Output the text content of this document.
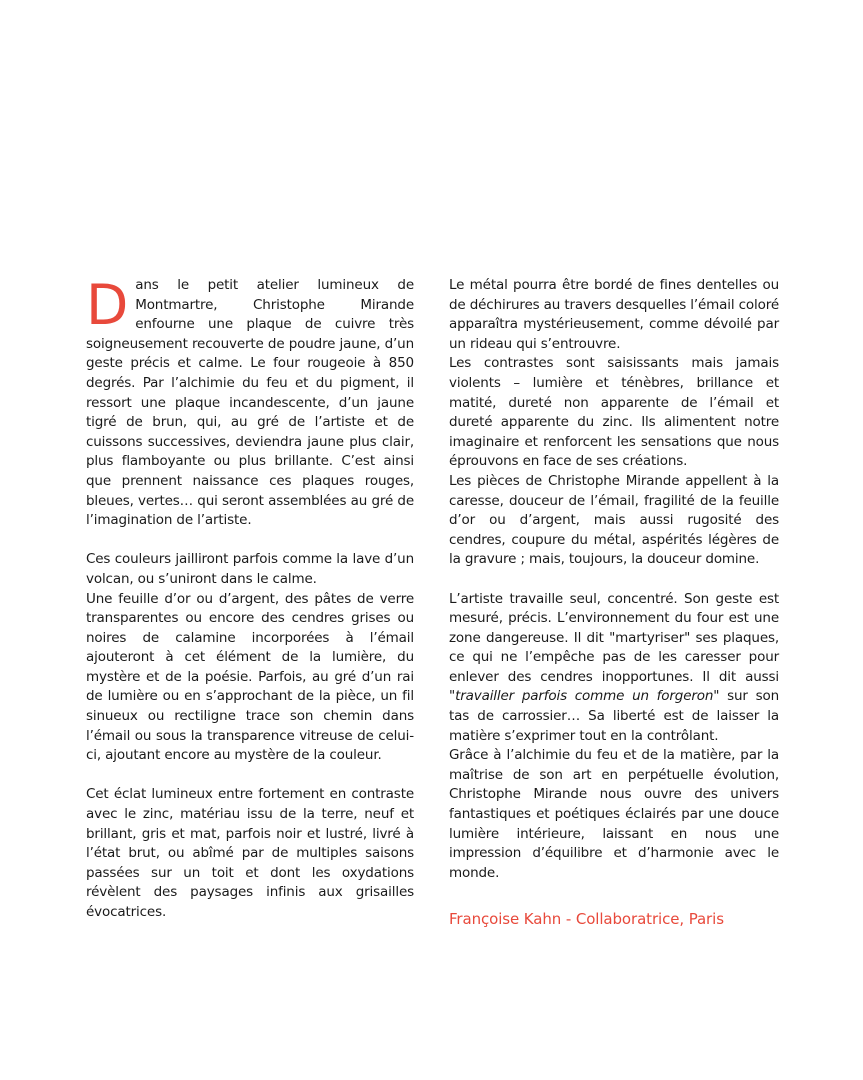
Dans le petit atelier lumineux de Montmartre, Christophe Mirande enfourne une plaque de cuivre très soigneusement recouverte de poudre jaune, d’un geste précis et calme. Le four rougeoie à 850 degrés. Par l’alchimie du feu et du pigment, il ressort une plaque incandescente, d’un jaune tigré de brun, qui, au gré de l’artiste et de cuissons successives, deviendra jaune plus clair, plus flamboyante ou plus brillante. C’est ainsi que prennent naissance ces plaques rouges, bleues, vertes… qui seront assemblées au gré de l’imagination de l’artiste.

Ces couleurs jailliront parfois comme la lave d’un volcan, ou s’uniront dans le calme.

Une feuille d’or ou d’argent, des pâtes de verre transparentes ou encore des cendres grises ou noires de calamine incorporées à l’émail ajouteront à cet élément de la lumière, du mystère et de la poésie. Parfois, au gré d’un rai de lumière ou en s’approchant de la pièce, un fil sinueux ou rectiligne trace son chemin dans l’émail ou sous la transparence vitreuse de celui-ci, ajoutant encore au mystère de la couleur.

Cet éclat lumineux entre fortement en contraste avec le zinc, matériau issu de la terre, neuf et brillant, gris et mat, parfois noir et lustré, livré à l’état brut, ou abîmé par de multiples saisons passées sur un toit et dont les oxydations révèlent des paysages infinis aux grisailles évocatrices.

Le métal pourra être bordé de fines dentelles ou de déchirures au travers desquelles l’émail coloré apparaîtra mystérieusement, comme dévoilé par un rideau qui s’entrouvre.

Les contrastes sont saisissants mais jamais violents – lumière et ténèbres, brillance et matité, dureté non apparente de l’émail et dureté apparente du zinc. Ils alimentent notre imaginaire et renforcent les sensations que nous éprouvons en face de ses créations.

Les pièces de Christophe Mirande appellent à la caresse, douceur de l’émail, fragilité de la feuille d’or ou d’argent, mais aussi rugosité des cendres, coupure du métal, aspérités légères de la gravure ; mais, toujours, la douceur domine.

L’artiste travaille seul, concentré. Son geste est mesuré, précis. L’environnement du four est une zone dangereuse. Il dit "martyriser" ses plaques, ce qui ne l’empêche pas de les caresser pour enlever des cendres inopportunes. Il dit aussi "travailler parfois comme un forgeron" sur son tas de carrossier… Sa liberté est de laisser la matière s’exprimer tout en la contrôlant.

Grâce à l’alchimie du feu et de la matière, par la maîtrise de son art en perpétuelle évolution, Christophe Mirande nous ouvre des univers fantastiques et poétiques éclairés par une douce lumière intérieure, laissant en nous une impression d’équilibre et d’harmonie avec le monde.

Françoise Kahn - Collaboratrice, Paris
